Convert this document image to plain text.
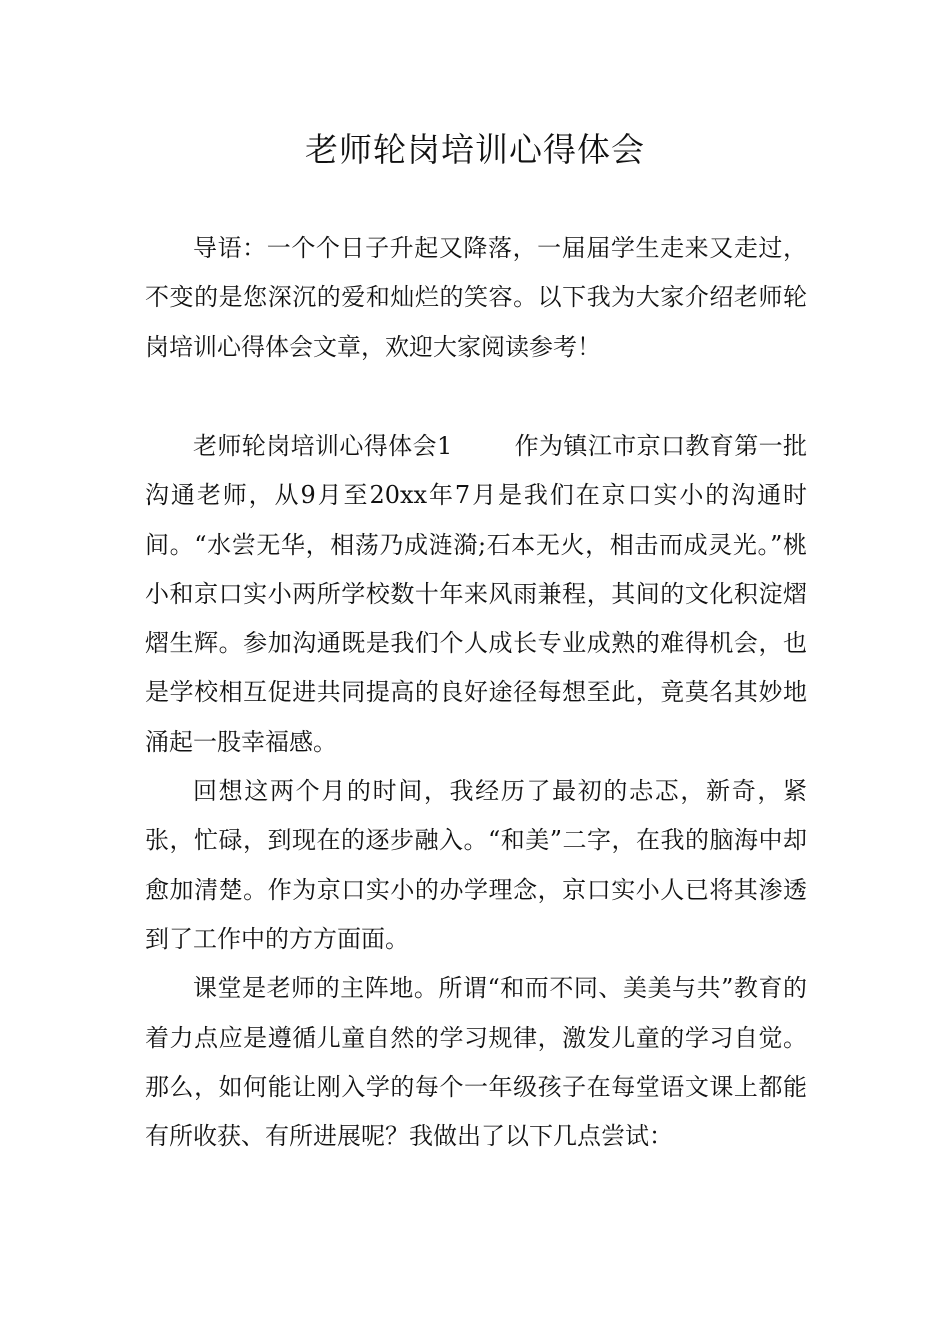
老师轮岗培训心得体会

导语：一个个日子升起又降落，一届届学生走来又走过，不变的是您深沉的爱和灿烂的笑容。以下我为大家介绍老师轮岗培训心得体会文章，欢迎大家阅读参考！

老师轮岗培训心得体会1	作为镇江市京口教育第一批沟通老师，从9月至20xx年7月是我们在京口实小的沟通时间。“水尝无华，相荡乃成涟漪;石本无火，相击而成灵光。”桃小和京口实小两所学校数十年来风雨兼程，其间的文化积淀熠熠生辉。参加沟通既是我们个人成长专业成熟的难得机会，也是学校相互促进共同提高的良好途径每想至此，竟莫名其妙地涌起一股幸福感。

回想这两个月的时间，我经历了最初的忐忑，新奇，紧张，忙碌，到现在的逐步融入。“和美”二字，在我的脑海中却愈加清楚。作为京口实小的办学理念，京口实小人已将其渗透到了工作中的方方面面。

课堂是老师的主阵地。所谓“和而不同、美美与共”教育的着力点应是遵循儿童自然的学习规律，激发儿童的学习自觉。那么，如何能让刚入学的每个一年级孩子在每堂语文课上都能有所收获、有所进展呢？我做出了以下几点尝试：
